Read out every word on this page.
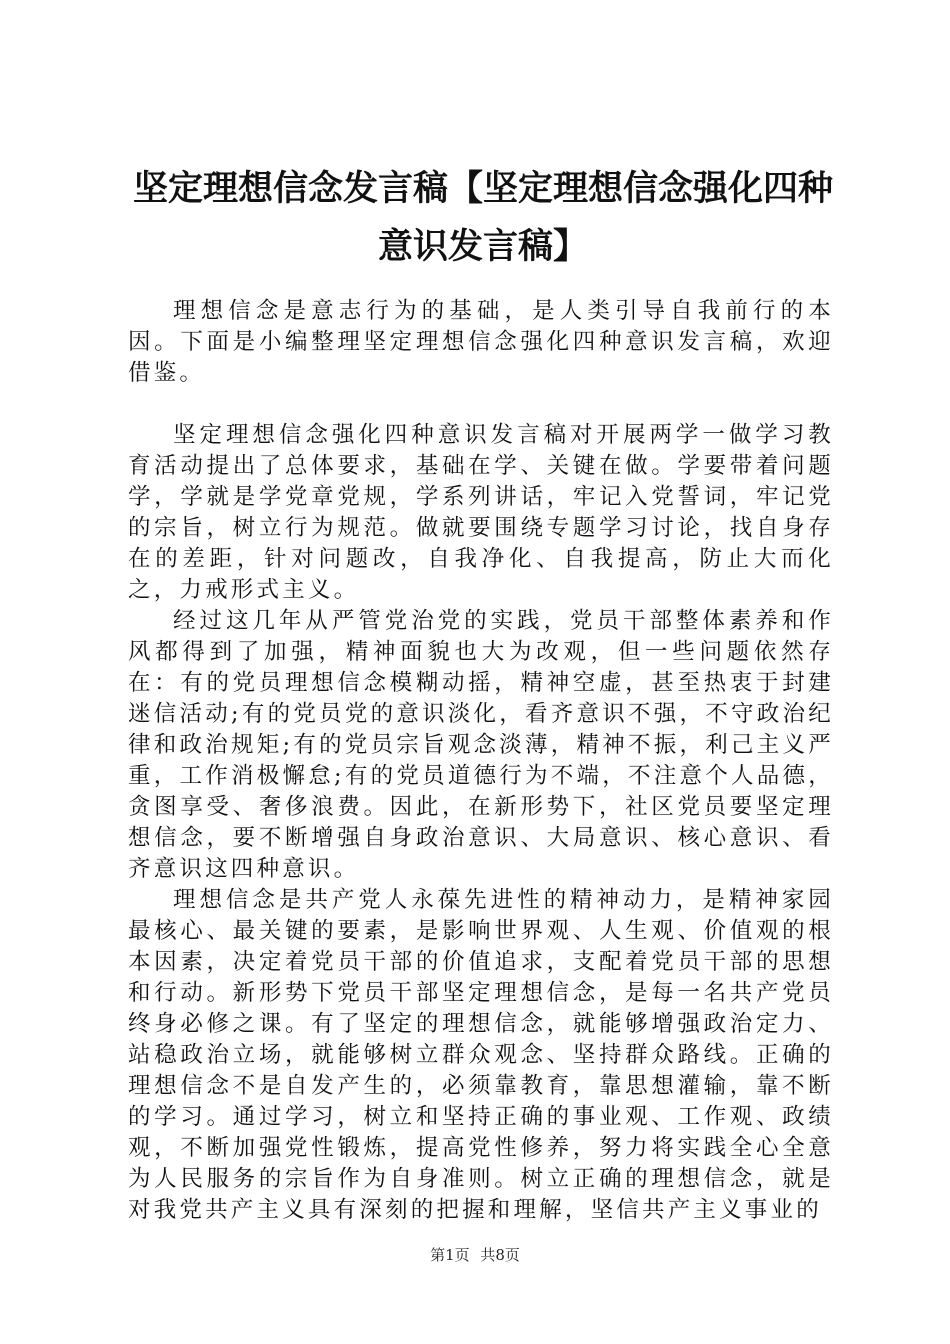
坚定理想信念发言稿【坚定理想信念强化四种
意识发言稿】

理想信念是意志行为的基础，是人类引导自我前行的本因。下面是小编整理坚定理想信念强化四种意识发言稿，欢迎借鉴。

坚定理想信念强化四种意识发言稿对开展两学一做学习教育活动提出了总体要求，基础在学、关键在做。学要带着问题学，学就是学党章党规，学系列讲话，牢记入党誓词，牢记党的宗旨，树立行为规范。做就要围绕专题学习讨论，找自身存在的差距，针对问题改，自我净化、自我提高，防止大而化之，力戒形式主义。

经过这几年从严管党治党的实践，党员干部整体素养和作风都得到了加强，精神面貌也大为改观，但一些问题依然存在：有的党员理想信念模糊动摇，精神空虚，甚至热衷于封建迷信活动;有的党员党的意识淡化，看齐意识不强，不守政治纪律和政治规矩;有的党员宗旨观念淡薄，精神不振，利己主义严重，工作消极懈怠;有的党员道德行为不端，不注意个人品德，贪图享受、奢侈浪费。因此，在新形势下，社区党员要坚定理想信念，要不断增强自身政治意识、大局意识、核心意识、看齐意识这四种意识。

理想信念是共产党人永葆先进性的精神动力，是精神家园最核心、最关键的要素，是影响世界观、人生观、价值观的根本因素，决定着党员干部的价值追求，支配着党员干部的思想和行动。新形势下党员干部坚定理想信念，是每一名共产党员终身必修之课。有了坚定的理想信念，就能够增强政治定力、站稳政治立场，就能够树立群众观念、坚持群众路线。正确的理想信念不是自发产生的，必须靠教育，靠思想灌输，靠不断的学习。通过学习，树立和坚持正确的事业观、工作观、政绩观，不断加强党性锻炼，提高党性修养，努力将实践全心全意为人民服务的宗旨作为自身准则。树立正确的理想信念，就是对我党共产主义具有深刻的把握和理解，坚信共产主义事业的

第1页 共8页
